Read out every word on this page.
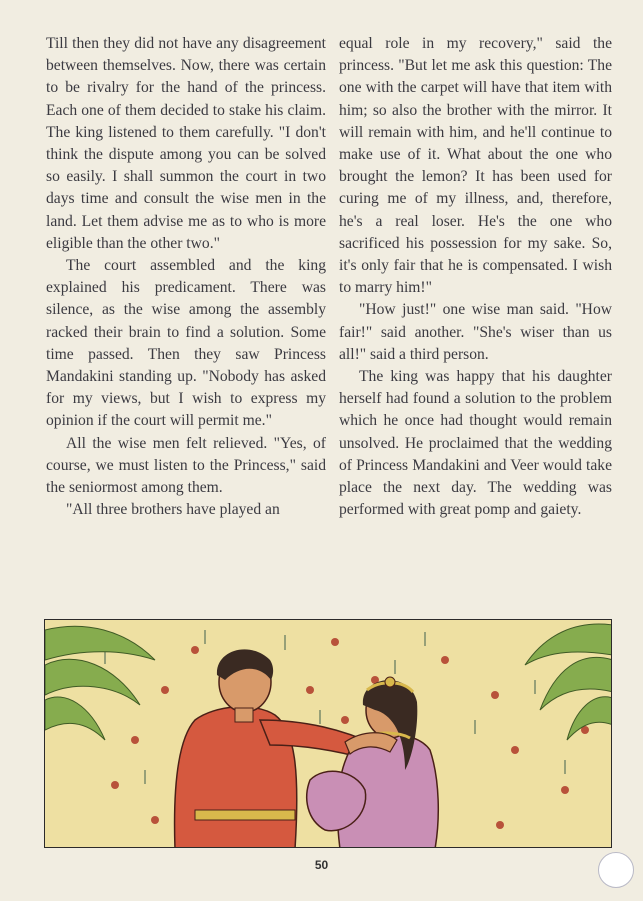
Till then they did not have any disagreement between themselves. Now, there was certain to be rivalry for the hand of the princess. Each one of them decided to stake his claim. The king listened to them carefully. "I don't think the dispute among you can be solved so easily. I shall summon the court in two days time and consult the wise men in the land. Let them advise me as to who is more eligible than the other two."

The court assembled and the king explained his predicament. There was silence, as the wise among the assembly racked their brain to find a solution. Some time passed. Then they saw Princess Mandakini standing up. "Nobody has asked for my views, but I wish to express my opinion if the court will permit me."

All the wise men felt relieved. "Yes, of course, we must listen to the Princess," said the seniormost among them.

"All three brothers have played an

equal role in my recovery," said the princess. "But let me ask this question: The one with the carpet will have that item with him; so also the brother with the mirror. It will remain with him, and he'll continue to make use of it. What about the one who brought the lemon? It has been used for curing me of my illness, and, therefore, he's a real loser. He's the one who sacrificed his possession for my sake. So, it's only fair that he is compensated. I wish to marry him!"

"How just!" one wise man said. "How fair!" said another. "She's wiser than us all!" said a third person.

The king was happy that his daughter herself had found a solution to the problem which he once had thought would remain unsolved. He proclaimed that the wedding of Princess Mandakini and Veer would take place the next day. The wedding was performed with great pomp and gaiety.

50
